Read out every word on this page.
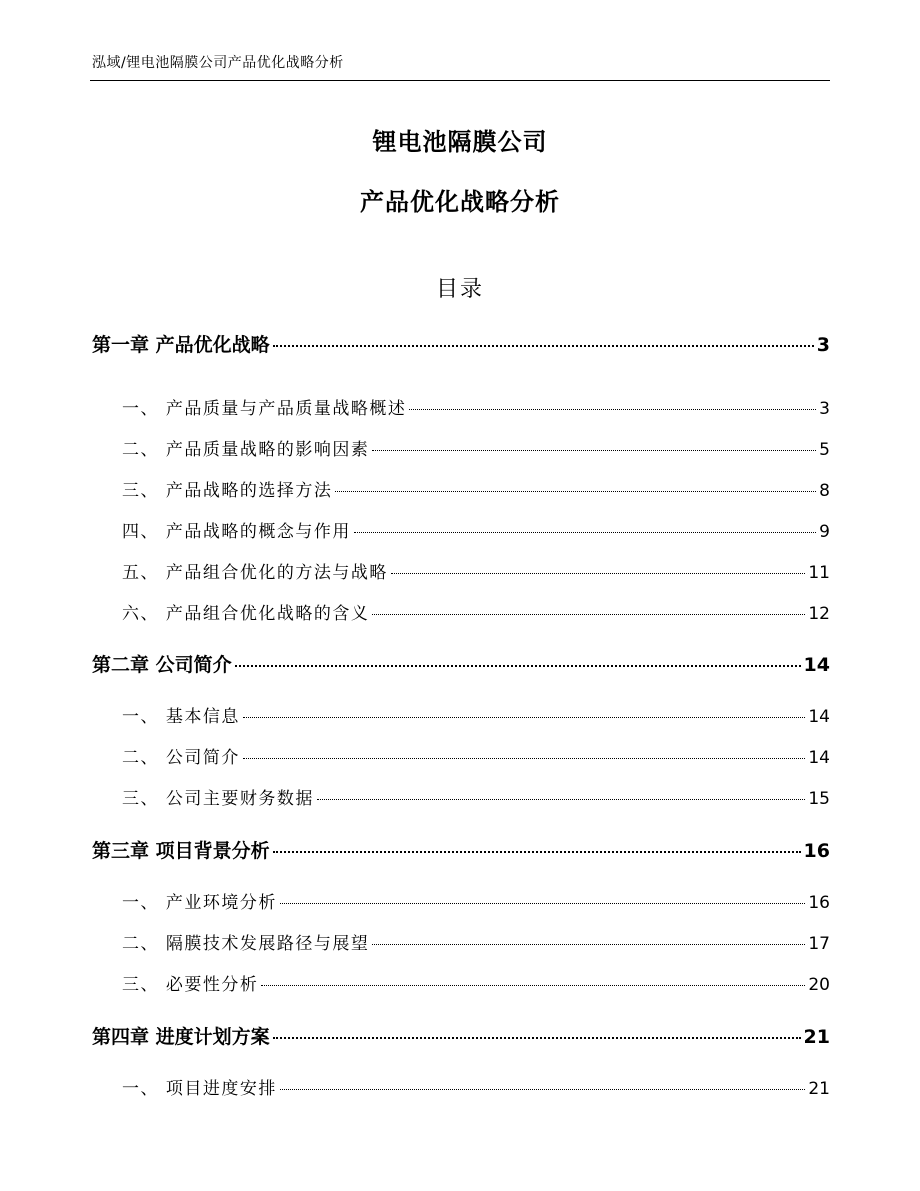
泓域/锂电池隔膜公司产品优化战略分析
锂电池隔膜公司
产品优化战略分析
目录
第一章 产品优化战略	3
一、 产品质量与产品质量战略概述	3
二、 产品质量战略的影响因素	5
三、 产品战略的选择方法	8
四、 产品战略的概念与作用	9
五、 产品组合优化的方法与战略	11
六、 产品组合优化战略的含义	12
第二章 公司简介	14
一、 基本信息	14
二、 公司简介	14
三、 公司主要财务数据	15
第三章 项目背景分析	16
一、 产业环境分析	16
二、 隔膜技术发展路径与展望	17
三、 必要性分析	20
第四章 进度计划方案	21
一、 项目进度安排	21
